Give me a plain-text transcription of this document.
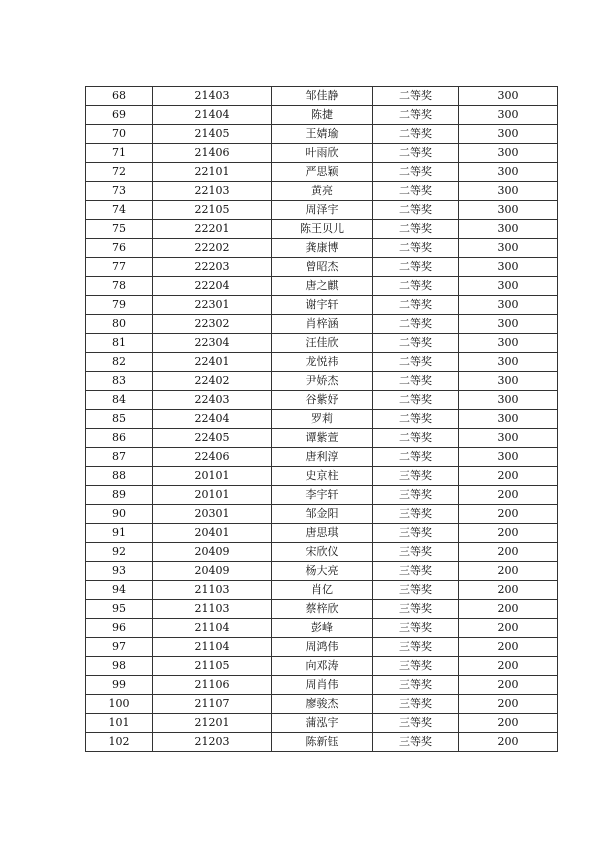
68	21403	邹佳静	二等奖	300
69	21404	陈捷	二等奖	300
70	21405	王婧瑜	二等奖	300
71	21406	叶雨欣	二等奖	300
72	22101	严思颖	二等奖	300
73	22103	黄亮	二等奖	300
74	22105	周泽宇	二等奖	300
75	22201	陈王贝儿	二等奖	300
76	22202	龚康博	二等奖	300
77	22203	曾昭杰	二等奖	300
78	22204	唐之麒	二等奖	300
79	22301	谢宇轩	二等奖	300
80	22302	肖梓涵	二等奖	300
81	22304	汪佳欣	二等奖	300
82	22401	龙悦祎	二等奖	300
83	22402	尹娇杰	二等奖	300
84	22403	谷紫妤	二等奖	300
85	22404	罗莉	二等奖	300
86	22405	谭紫萱	二等奖	300
87	22406	唐利淳	二等奖	300
88	20101	史京柱	三等奖	200
89	20101	李宇轩	三等奖	200
90	20301	邹金阳	三等奖	200
91	20401	唐思琪	三等奖	200
92	20409	宋欣仪	三等奖	200
93	20409	杨大亮	三等奖	200
94	21103	肖亿	三等奖	200
95	21103	蔡梓欣	三等奖	200
96	21104	彭峰	三等奖	200
97	21104	周鸿伟	三等奖	200
98	21105	向邓涛	三等奖	200
99	21106	周肖伟	三等奖	200
100	21107	廖骏杰	三等奖	200
101	21201	蒲泓宇	三等奖	200
102	21203	陈新钰	三等奖	200
